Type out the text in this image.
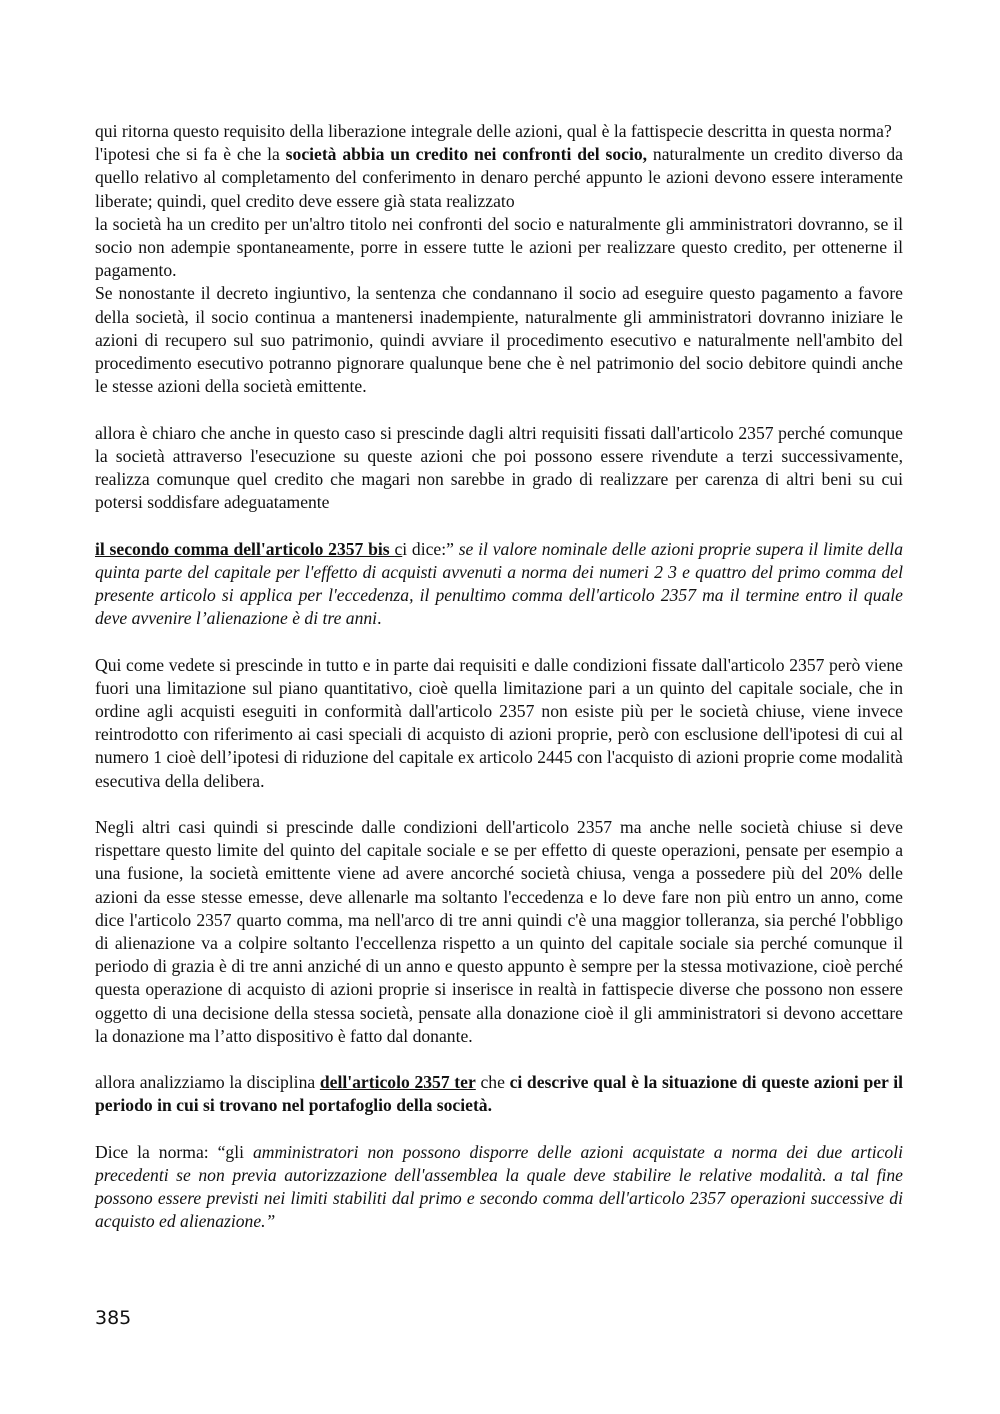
qui ritorna questo requisito della liberazione integrale delle azioni, qual è la fattispecie descritta in questa norma?

l'ipotesi che si fa è che la società abbia un credito nei confronti del socio, naturalmente un credito diverso da quello relativo al completamento del conferimento in denaro perché appunto le azioni devono essere interamente liberate; quindi, quel credito deve essere già stata realizzato

la società ha un credito per un'altro titolo nei confronti del socio e naturalmente gli amministratori dovranno, se il socio non adempie spontaneamente, porre in essere tutte le azioni per realizzare questo credito, per ottenerne il pagamento.

Se nonostante il decreto ingiuntivo, la sentenza che condannano il socio ad eseguire questo pagamento a favore della società, il socio continua a mantenersi inadempiente, naturalmente gli amministratori dovranno iniziare le azioni di recupero sul suo patrimonio, quindi avviare il procedimento esecutivo e naturalmente nell'ambito del procedimento esecutivo potranno pignorare qualunque bene che è nel patrimonio del socio debitore quindi anche le stesse azioni della società emittente.

allora è chiaro che anche in questo caso si prescinde dagli altri requisiti fissati dall'articolo 2357 perché comunque la società attraverso l'esecuzione su queste azioni che poi possono essere rivendute a terzi successivamente, realizza comunque quel credito che magari non sarebbe in grado di realizzare per carenza di altri beni su cui potersi soddisfare adeguatamente

il secondo comma dell'articolo 2357 bis ci dice:” se il valore nominale delle azioni proprie supera il limite della quinta parte del capitale per l'effetto di acquisti avvenuti a norma dei numeri 2 3 e quattro del primo comma del presente articolo si applica per l'eccedenza, il penultimo comma dell'articolo 2357 ma il termine entro il quale deve avvenire l’alienazione è di tre anni.

Qui come vedete si prescinde in tutto e in parte dai requisiti e dalle condizioni fissate dall'articolo 2357 però viene fuori una limitazione sul piano quantitativo, cioè quella limitazione pari a un quinto del capitale sociale, che in ordine agli acquisti eseguiti in conformità dall'articolo 2357 non esiste più per le società chiuse, viene invece reintrodotto con riferimento ai casi speciali di acquisto di azioni proprie, però con esclusione dell'ipotesi di cui al numero 1 cioè dell’ipotesi di riduzione del capitale ex articolo 2445 con l'acquisto di azioni proprie come modalità esecutiva della delibera.

Negli altri casi quindi si prescinde dalle condizioni dell'articolo 2357 ma anche nelle società chiuse si deve rispettare questo limite del quinto del capitale sociale e se per effetto di queste operazioni, pensate per esempio a una fusione, la società emittente viene ad avere ancorché società chiusa, venga a possedere più del 20% delle azioni da esse stesse emesse, deve allenarle ma soltanto l'eccedenza e lo deve fare non più entro un anno, come dice l'articolo 2357 quarto comma, ma nell'arco di tre anni quindi c'è una maggior tolleranza, sia perché l'obbligo di alienazione va a colpire soltanto l'eccellenza rispetto a un quinto del capitale sociale sia perché comunque il periodo di grazia è di tre anni anziché di un anno e questo appunto è sempre per la stessa motivazione, cioè perché questa operazione di acquisto di azioni proprie si inserisce in realtà in fattispecie diverse che possono non essere oggetto di una decisione della stessa società, pensate alla donazione cioè il gli amministratori si devono accettare la donazione ma l’atto dispositivo è fatto dal donante.

allora analizziamo la disciplina dell'articolo 2357 ter che ci descrive qual è la situazione di queste azioni per il periodo in cui si trovano nel portafoglio della società.

Dice la norma: “gli amministratori non possono disporre delle azioni acquistate a norma dei due articoli precedenti se non previa autorizzazione dell'assemblea la quale deve stabilire le relative modalità. a tal fine possono essere previsti nei limiti stabiliti dal primo e secondo comma dell'articolo 2357 operazioni successive di acquisto ed alienazione.”

385
